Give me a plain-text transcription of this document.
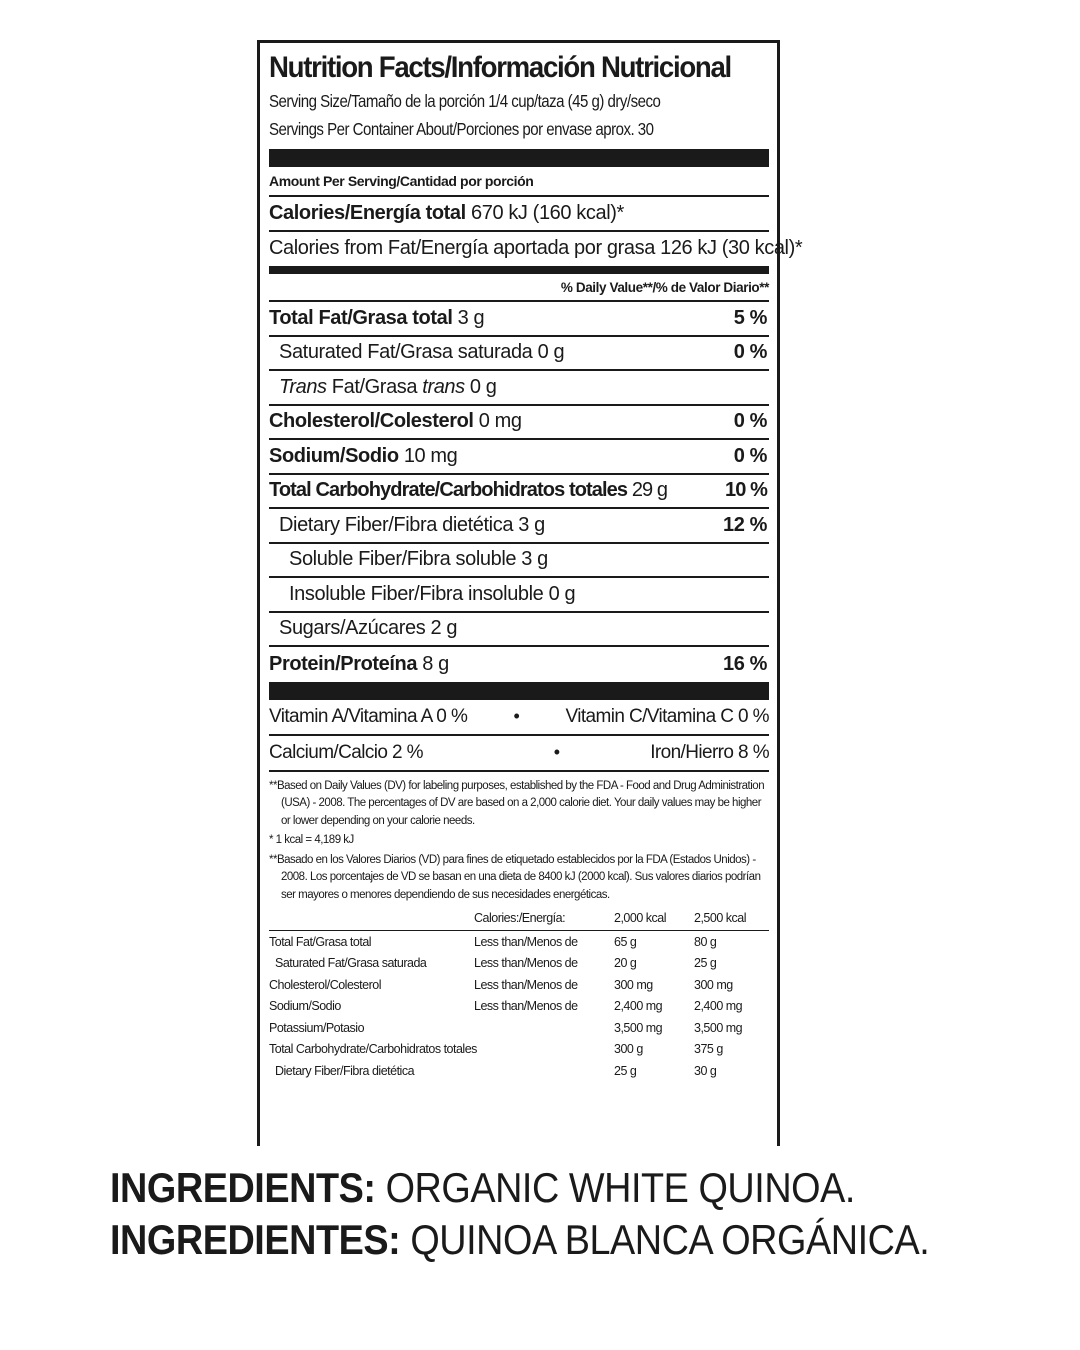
Nutrition Facts/Información Nutricional
Serving Size/Tamaño de la porción 1/4 cup/taza (45 g) dry/seco
Servings Per Container About/Porciones por envase aprox. 30
Amount Per Serving/Cantidad por porción
Calories/Energía total 670 kJ (160 kcal)*
Calories from Fat/Energía aportada por grasa 126 kJ (30 kcal)*
% Daily Value**/% de Valor Diario**
Total Fat/Grasa total 3 g	5 %
Saturated Fat/Grasa saturada 0 g	0 %
Trans Fat/Grasa trans 0 g
Cholesterol/Colesterol 0 mg	0 %
Sodium/Sodio 10 mg	0 %
Total Carbohydrate/Carbohidratos totales 29 g	10 %
Dietary Fiber/Fibra dietética 3 g	12 %
Soluble Fiber/Fibra soluble 3 g
Insoluble Fiber/Fibra insoluble 0 g
Sugars/Azúcares 2 g
Protein/Proteína 8 g	16 %
Vitamin A/Vitamina A 0 %	• Vitamin C/Vitamina C 0 %
Calcium/Calcio 2 %	•	Iron/Hierro 8 %

**Based on Daily Values (DV) for labeling purposes, established by the FDA - Food and Drug Administration (USA) - 2008. The percentages of DV are based on a 2,000 calorie diet. Your daily values may be higher or lower depending on your calorie needs.

* 1 kcal = 4,189 kJ

**Basado en los Valores Diarios (VD) para fines de etiquetado establecidos por la FDA (Estados Unidos) - 2008. Los porcentajes de VD se basan en una dieta de 8400 kJ (2000 kcal). Sus valores diarios podrían ser mayores o menores dependiendo de sus necesidades energéticas.

	Calories:/Energía:	2,000 kcal	2,500 kcal
Total Fat/Grasa total	Less than/Menos de	65 g	80 g
Saturated Fat/Grasa saturada	Less than/Menos de	20 g	25 g
Cholesterol/Colesterol	Less than/Menos de	300 mg	300 mg
Sodium/Sodio	Less than/Menos de	2,400 mg	2,400 mg
Potassium/Potasio		3,500 mg	3,500 mg
Total Carbohydrate/Carbohidratos totales		300 g	375 g
Dietary Fiber/Fibra dietética		25 g	30 g
INGREDIENTS: ORGANIC WHITE QUINOA.
INGREDIENTES: QUINOA BLANCA ORGÁNICA.
